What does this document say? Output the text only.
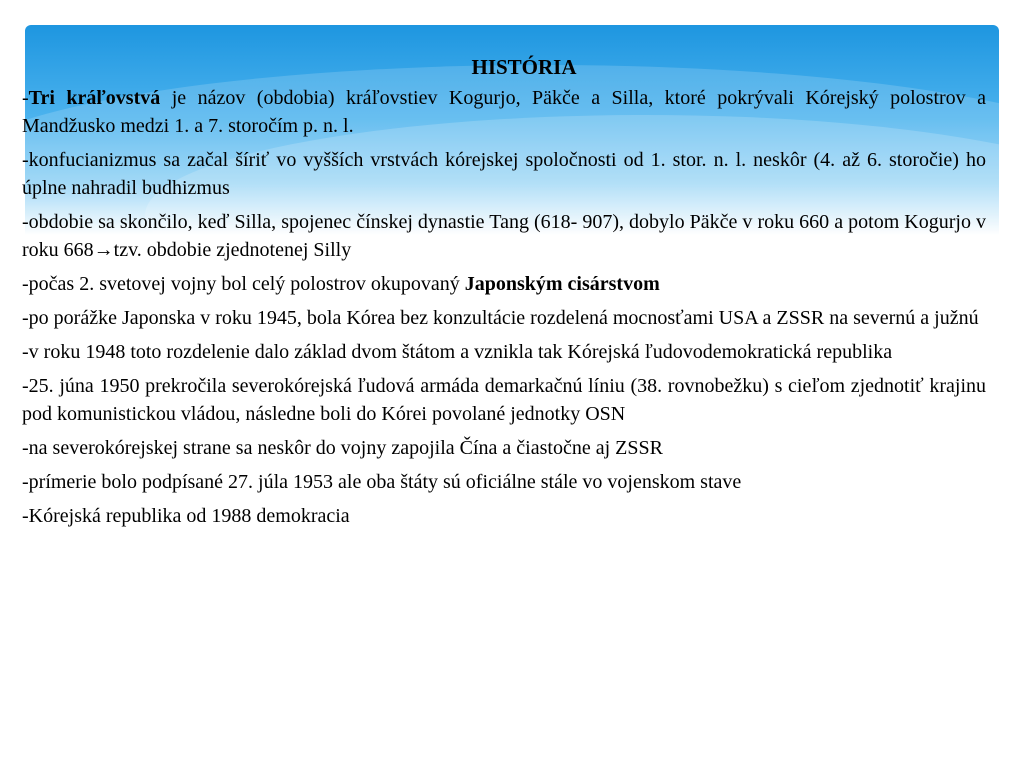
HISTÓRIA

-Tri kráľovstvá je názov (obdobia) kráľovstiev Kogurjo, Päkče a Silla, ktoré pokrývali Kórejský polostrov a Mandžusko medzi 1. a 7. storočím p. n. l.

-konfucianizmus sa začal šíriť vo vyšších vrstvách kórejskej spoločnosti od 1. stor. n. l. neskôr (4. až 6. storočie) ho úplne nahradil budhizmus

-obdobie sa skončilo, keď Silla, spojenec čínskej dynastie Tang (618- 907), dobylo Päkče v roku 660 a potom Kogurjo v roku 668→tzv. obdobie zjednotenej Silly

-počas 2. svetovej vojny bol celý polostrov okupovaný Japonským cisárstvom

-po porážke Japonska v roku 1945, bola Kórea bez konzultácie rozdelená mocnosťami USA a ZSSR na severnú a južnú

-v roku 1948 toto rozdelenie dalo základ dvom štátom a vznikla tak Kórejská ľudovodemokratická republika

-25. júna 1950 prekročila severokórejská ľudová armáda demarkačnú líniu (38. rovnobežku) s cieľom zjednotiť krajinu pod komunistickou vládou, následne boli do Kórei povolané jednotky OSN

-na severokórejskej strane sa neskôr do vojny zapojila Čína a čiastočne aj ZSSR

-prímerie bolo podpísané 27. júla 1953 ale oba štáty sú oficiálne stále vo vojenskom stave

-Kórejská republika od 1988 demokracia
